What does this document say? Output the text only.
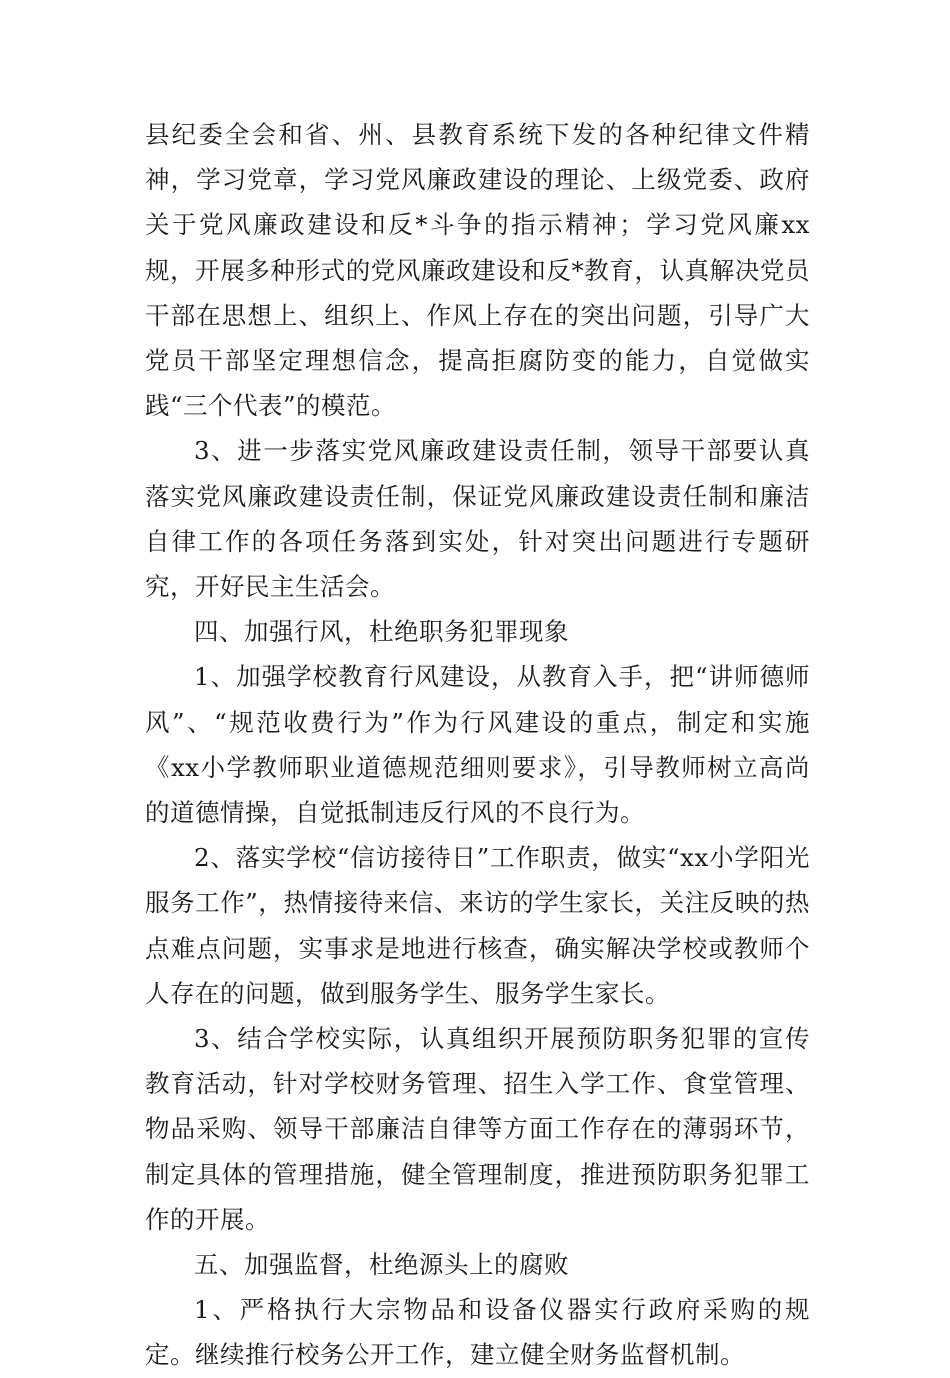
县纪委全会和省、州、县教育系统下发的各种纪律文件精神，学习党章，学习党风廉政建设的理论、上级党委、政府关于党风廉政建设和反*斗争的指示精神；学习党风廉xx规，开展多种形式的党风廉政建设和反*教育，认真解决党员干部在思想上、组织上、作风上存在的突出问题，引导广大党员干部坚定理想信念，提高拒腐防变的能力，自觉做实践“三个代表”的模范。

3、进一步落实党风廉政建设责任制，领导干部要认真落实党风廉政建设责任制，保证党风廉政建设责任制和廉洁自律工作的各项任务落到实处，针对突出问题进行专题研究，开好民主生活会。

四、加强行风，杜绝职务犯罪现象

1、加强学校教育行风建设，从教育入手，把“讲师德师风”、“规范收费行为”作为行风建设的重点，制定和实施《xx小学教师职业道德规范细则要求》，引导教师树立高尚的道德情操，自觉抵制违反行风的不良行为。

2、落实学校“信访接待日”工作职责，做实“xx小学阳光服务工作”，热情接待来信、来访的学生家长，关注反映的热点难点问题，实事求是地进行核查，确实解决学校或教师个人存在的问题，做到服务学生、服务学生家长。

3、结合学校实际，认真组织开展预防职务犯罪的宣传教育活动，针对学校财务管理、招生入学工作、食堂管理、物品采购、领导干部廉洁自律等方面工作存在的薄弱环节，制定具体的管理措施，健全管理制度，推进预防职务犯罪工作的开展。

五、加强监督，杜绝源头上的腐败

1、严格执行大宗物品和设备仪器实行政府采购的规定。继续推行校务公开工作，建立健全财务监督机制。
